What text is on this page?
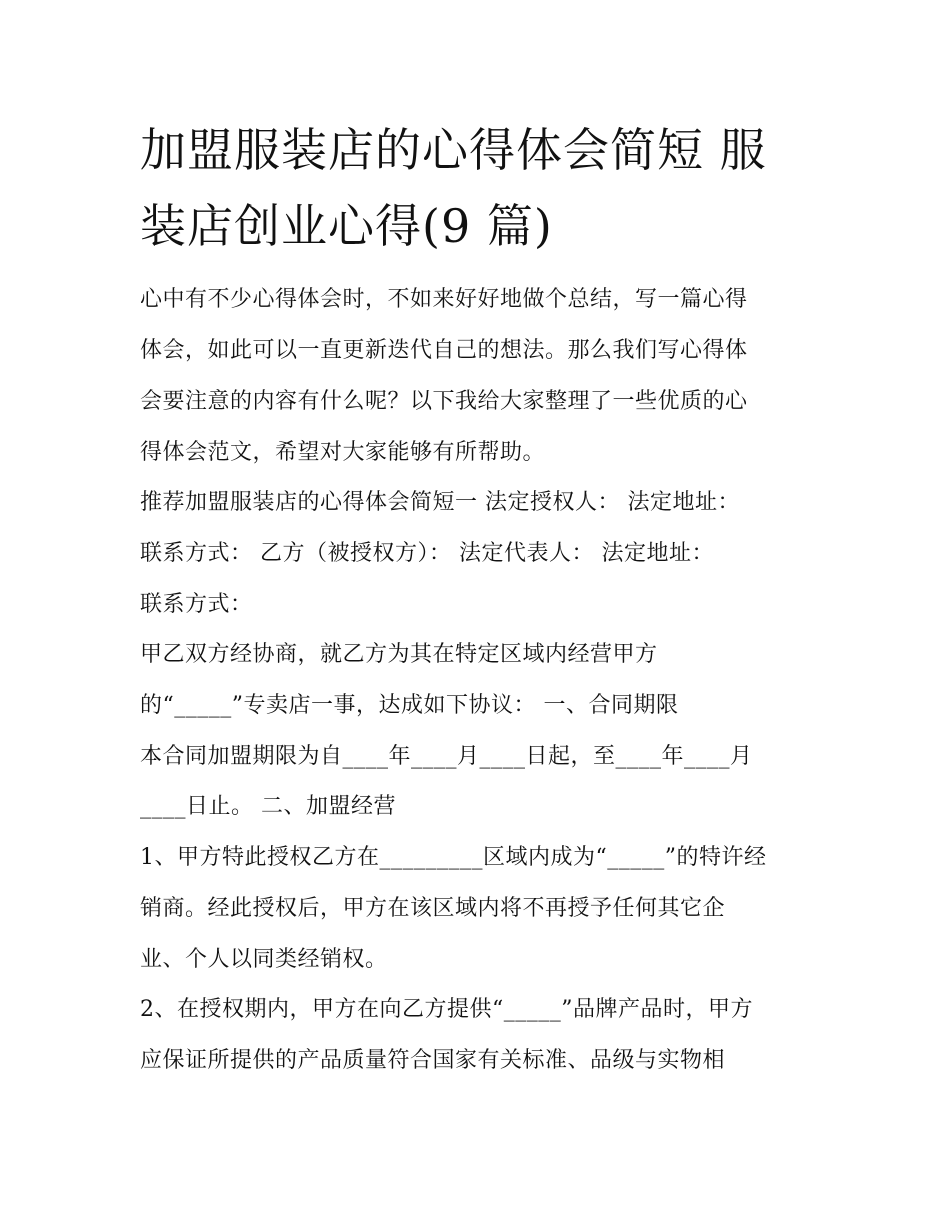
加盟服装店的心得体会简短 服
装店创业心得(9 篇)

心中有不少心得体会时，不如来好好地做个总结，写一篇心得

体会，如此可以一直更新迭代自己的想法。那么我们写心得体

会要注意的内容有什么呢？以下我给大家整理了一些优质的心

得体会范文，希望对大家能够有所帮助。

推荐加盟服装店的心得体会简短一 法定授权人： 法定地址：

联系方式： 乙方（被授权方）： 法定代表人： 法定地址：

联系方式：

甲乙双方经协商，就乙方为其在特定区域内经营甲方

的“_____”专卖店一事，达成如下协议： 一、合同期限

本合同加盟期限为自____年____月____日起，至____年____月

____日止。 二、加盟经营

1、甲方特此授权乙方在_________区域内成为“_____”的特许经

销商。经此授权后，甲方在该区域内将不再授予任何其它企

业、个人以同类经销权。

2、在授权期内，甲方在向乙方提供“_____”品牌产品时，甲方

应保证所提供的产品质量符合国家有关标准、品级与实物相
